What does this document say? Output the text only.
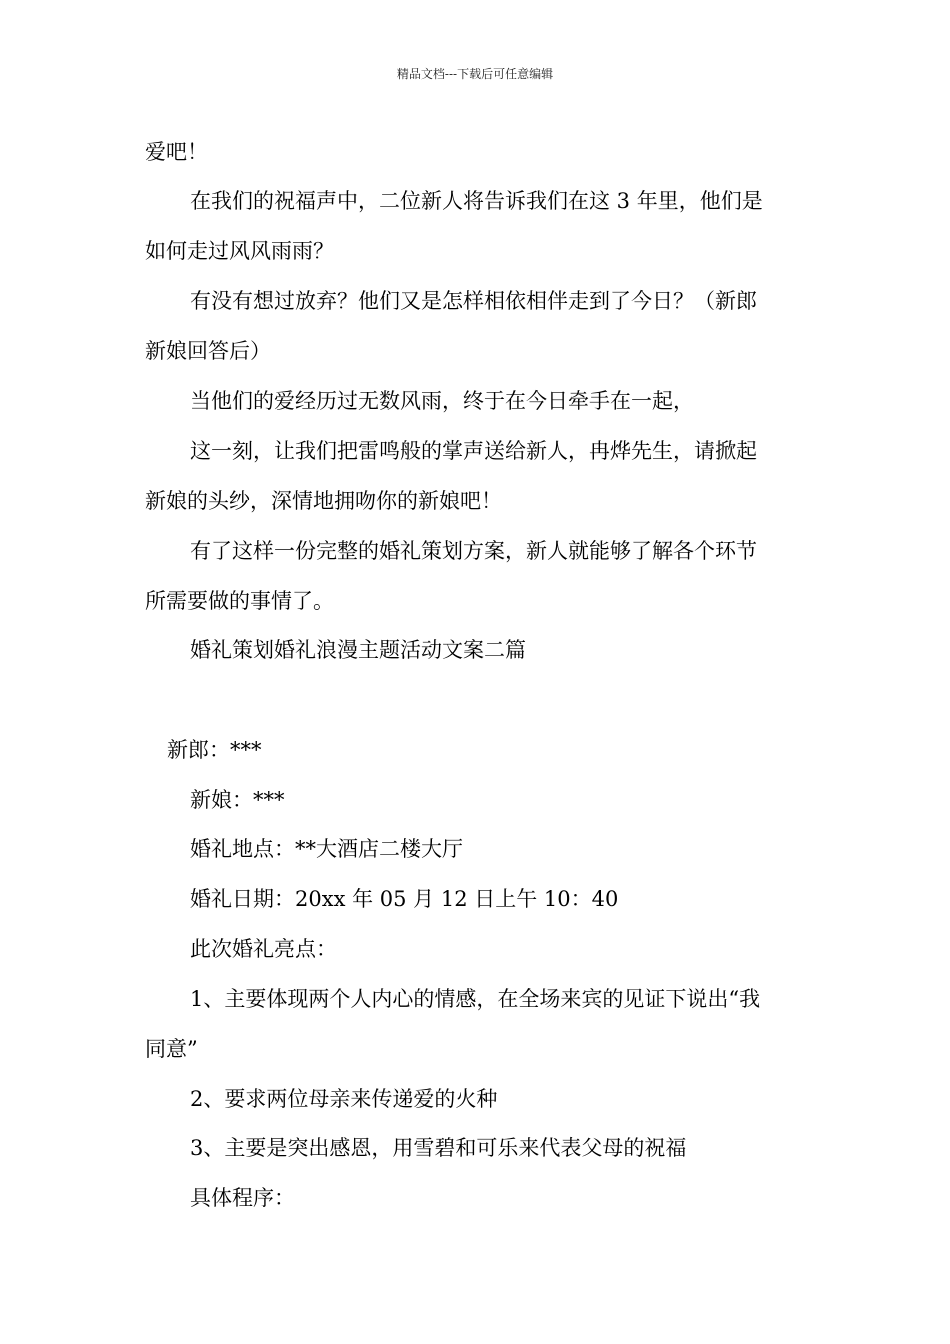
精品文档---下载后可任意编辑
爱吧！
在我们的祝福声中，二位新人将告诉我们在这 3 年里，他们是
如何走过风风雨雨？
有没有想过放弃？他们又是怎样相依相伴走到了今日？（新郎
新娘回答后）
当他们的爱经历过无数风雨，终于在今日牵手在一起，
这一刻，让我们把雷鸣般的掌声送给新人，冉烨先生，请掀起
新娘的头纱，深情地拥吻你的新娘吧！
有了这样一份完整的婚礼策划方案，新人就能够了解各个环节
所需要做的事情了。
婚礼策划婚礼浪漫主题活动文案二篇
新郎：***
新娘：***
婚礼地点：**大酒店二楼大厅
婚礼日期：20xx 年 05 月 12 日上午 10：40
此次婚礼亮点：
1、主要体现两个人内心的情感，在全场来宾的见证下说出“我
同意”
2、要求两位母亲来传递爱的火种
3、主要是突出感恩，用雪碧和可乐来代表父母的祝福
具体程序：
